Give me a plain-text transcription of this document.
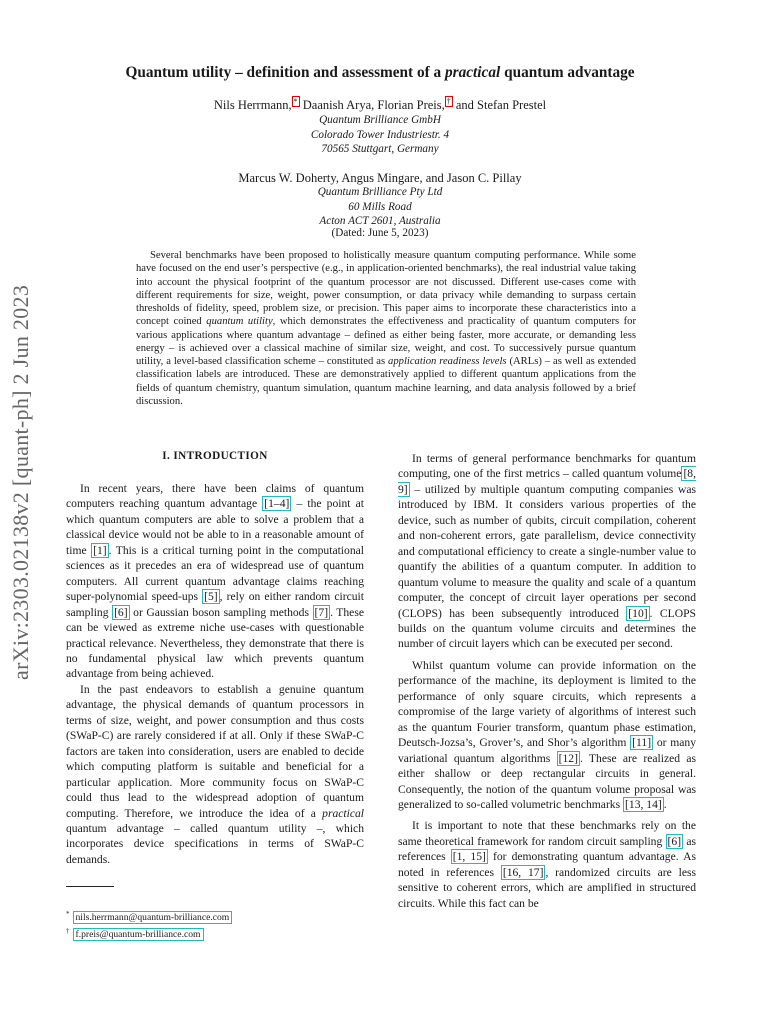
arXiv:2303.02138v2 [quant-ph] 2 Jun 2023
Quantum utility – definition and assessment of a practical quantum advantage
Nils Herrmann, * Daanish Arya, Florian Preis, † and Stefan Prestel
Quantum Brilliance GmbH
Colorado Tower Industriestr. 4
70565 Stuttgart, Germany
Marcus W. Doherty, Angus Mingare, and Jason C. Pillay
Quantum Brilliance Pty Ltd
60 Mills Road
Acton ACT 2601, Australia
(Dated: June 5, 2023)

Several benchmarks have been proposed to holistically measure quantum computing performance. While some have focused on the end user’s perspective (e.g., in application-oriented benchmarks), the real industrial value taking into account the physical footprint of the quantum processor are not discussed. Different use-cases come with different requirements for size, weight, power consumption, or data privacy while demanding to surpass certain thresholds of fidelity, speed, problem size, or precision. This paper aims to incorporate these characteristics into a concept coined quantum utility, which demonstrates the effectiveness and practicality of quantum computers for various applications where quantum advantage – defined as either being faster, more accurate, or demanding less energy – is achieved over a classical machine of similar size, weight, and cost. To successively pursue quantum utility, a level-based classification scheme – constituted as application readiness levels (ARLs) – as well as extended classification labels are introduced. These are demonstratively applied to different quantum applications from the fields of quantum chemistry, quantum simulation, quantum machine learning, and data analysis followed by a brief discussion.

I. INTRODUCTION

In recent years, there have been claims of quantum computers reaching quantum advantage [1–4] – the point at which quantum computers are able to solve a problem that a classical device would not be able to in a reasonable amount of time [1] . This is a critical turning point in the computational sciences as it precedes an era of widespread use of quantum computers. All current quantum advantage claims reaching super-polynomial speed-ups [5] , rely on either random circuit sampling [6] or Gaussian boson sampling methods [7] . These can be viewed as extreme niche use-cases with questionable practical relevance. Nevertheless, they demonstrate that there is no fundamental physical law which prevents quantum advantage from being achieved.

In the past endeavors to establish a genuine quantum advantage, the physical demands of quantum processors in terms of size, weight, and power consumption and thus costs (SWaP-C) are rarely considered if at all. Only if these SWaP-C factors are taken into consideration, users are enabled to decide which computing platform is suitable and beneficial for a particular application. More community focus on SWaP-C could thus lead to the widespread adoption of quantum computing. Therefore, we introduce the idea of a practical quantum advantage – called quantum utility –, which incorporates device specifications in terms of SWaP-C demands.

In terms of general performance benchmarks for quantum computing, one of the first metrics – called quantum volume [8, 9] – utilized by multiple quantum computing companies was introduced by IBM. It considers various properties of the device, such as number of qubits, circuit compilation, coherent and non-coherent errors, gate parallelism, device connectivity and computational efficiency to create a single-number value to quantify the abilities of a quantum computer. In addition to quantum volume to measure the quality and scale of a quantum computer, the concept of circuit layer operations per second (CLOPS) has been subsequently introduced [10] . CLOPS builds on the quantum volume circuits and determines the number of circuit layers which can be executed per second.

Whilst quantum volume can provide information on the performance of the machine, its deployment is limited to the performance of only square circuits, which represents a compromise of the large variety of algorithms of interest such as the quantum Fourier transform, quantum phase estimation, Deutsch-Jozsa’s, Grover’s, and Shor’s algorithm [11] or many variational quantum algorithms [12] . These are realized as either shallow or deep rectangular circuits in general. Consequently, the notion of the quantum volume proposal was generalized to so-called volumetric benchmarks [13, 14] .

It is important to note that these benchmarks rely on the same theoretical framework for random circuit sampling [6] as references [1, 15] for demonstrating quantum advantage. As noted in references [16, 17] , randomized circuits are less sensitive to coherent errors, which are amplified in structured circuits. While this fact can be

* nils.herrmann@quantum-brilliance.com
† f.preis@quantum-brilliance.com
